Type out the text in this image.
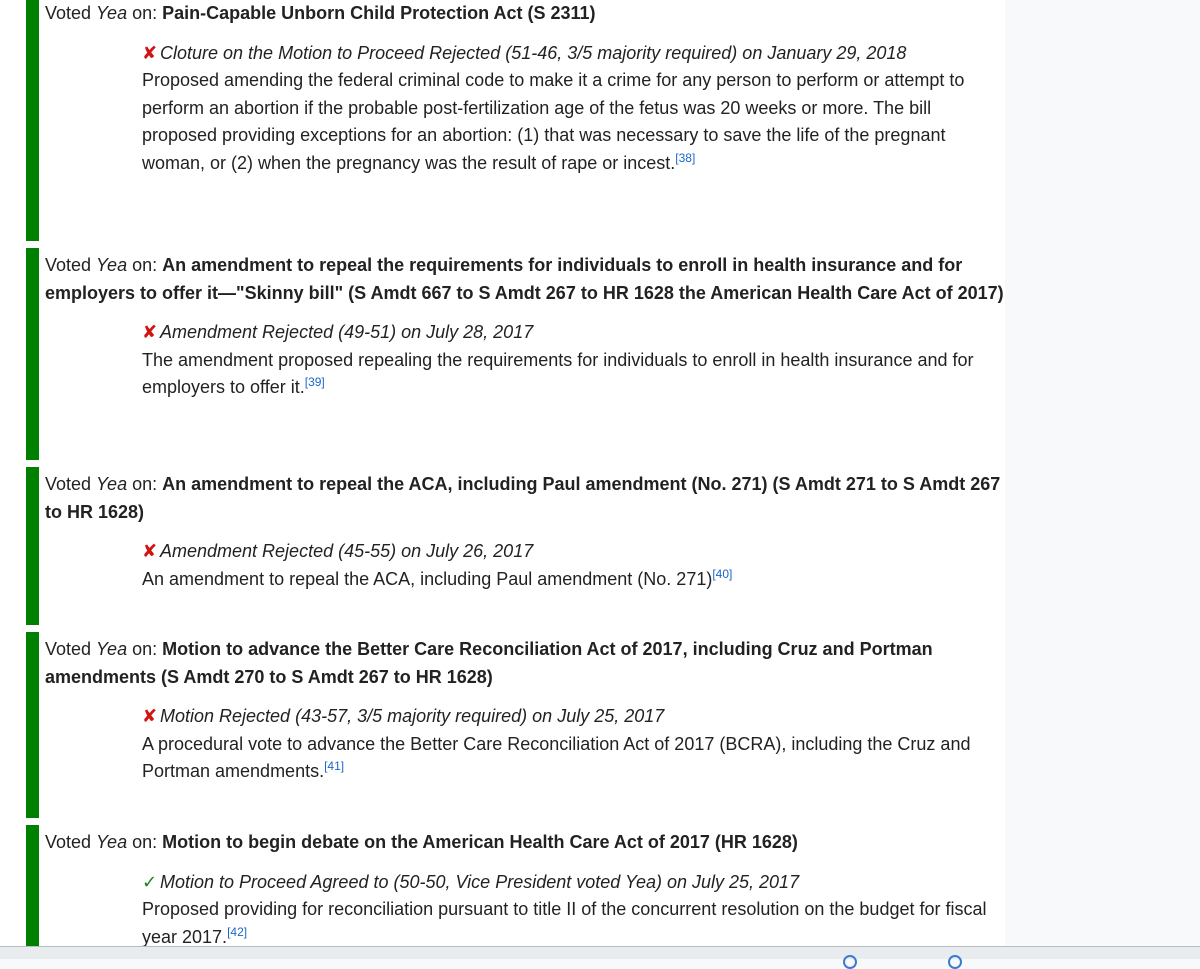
Voted Yea on: Pain-Capable Unborn Child Protection Act (S 2311)

✘ Cloture on the Motion to Proceed Rejected (51-46, 3/5 majority required) on January 29, 2018
Proposed amending the federal criminal code to make it a crime for any person to perform or attempt to perform an abortion if the probable post-fertilization age of the fetus was 20 weeks or more. The bill proposed providing exceptions for an abortion: (1) that was necessary to save the life of the pregnant woman, or (2) when the pregnancy was the result of rape or incest.[38]

Voted Yea on: An amendment to repeal the requirements for individuals to enroll in health insurance and for employers to offer it—"Skinny bill" (S Amdt 667 to S Amdt 267 to HR 1628 the American Health Care Act of 2017)

✘ Amendment Rejected (49-51) on July 28, 2017
The amendment proposed repealing the requirements for individuals to enroll in health insurance and for employers to offer it.[39]

Voted Yea on: An amendment to repeal the ACA, including Paul amendment (No. 271) (S Amdt 271 to S Amdt 267 to HR 1628)

✘ Amendment Rejected (45-55) on July 26, 2017
An amendment to repeal the ACA, including Paul amendment (No. 271)[40]

Voted Yea on: Motion to advance the Better Care Reconciliation Act of 2017, including Cruz and Portman amendments (S Amdt 270 to S Amdt 267 to HR 1628)

✘ Motion Rejected (43-57, 3/5 majority required) on July 25, 2017
A procedural vote to advance the Better Care Reconciliation Act of 2017 (BCRA), including the Cruz and Portman amendments.[41]

Voted Yea on: Motion to begin debate on the American Health Care Act of 2017 (HR 1628)

✓ Motion to Proceed Agreed to (50-50, Vice President voted Yea) on July 25, 2017
Proposed providing for reconciliation pursuant to title II of the concurrent resolution on the budget for fiscal year 2017.[42]
